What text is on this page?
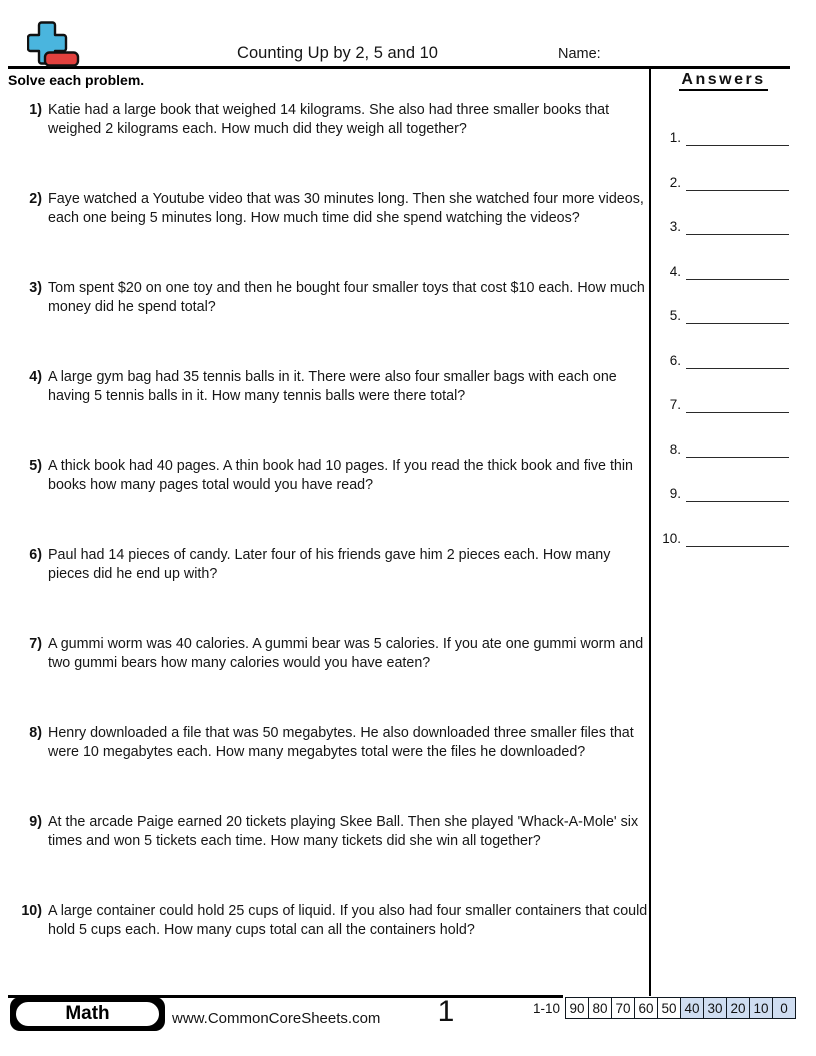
Counting Up by 2, 5 and 10	Name:
Solve each problem.
1) Katie had a large book that weighed 14 kilograms. She also had three smaller books that weighed 2 kilograms each. How much did they weigh all together?
2) Faye watched a Youtube video that was 30 minutes long. Then she watched four more videos, each one being 5 minutes long. How much time did she spend watching the videos?
3) Tom spent $20 on one toy and then he bought four smaller toys that cost $10 each. How much money did he spend total?
4) A large gym bag had 35 tennis balls in it. There were also four smaller bags with each one having 5 tennis balls in it. How many tennis balls were there total?
5) A thick book had 40 pages. A thin book had 10 pages. If you read the thick book and five thin books how many pages total would you have read?
6) Paul had 14 pieces of candy. Later four of his friends gave him 2 pieces each. How many pieces did he end up with?
7) A gummi worm was 40 calories. A gummi bear was 5 calories. If you ate one gummi worm and two gummi bears how many calories would you have eaten?
8) Henry downloaded a file that was 50 megabytes. He also downloaded three smaller files that were 10 megabytes each. How many megabytes total were the files he downloaded?
9) At the arcade Paige earned 20 tickets playing Skee Ball. Then she played 'Whack-A-Mole' six times and won 5 tickets each time. How many tickets did she win all together?
10) A large container could hold 25 cups of liquid. If you also had four smaller containers that could hold 5 cups each. How many cups total can all the containers hold?
Answers
1.
2.
3.
4.
5.
6.
7.
8.
9.
10.
Math	www.CommonCoreSheets.com	1	1-10 90	80	70	60	50	40	30	20	10	0
